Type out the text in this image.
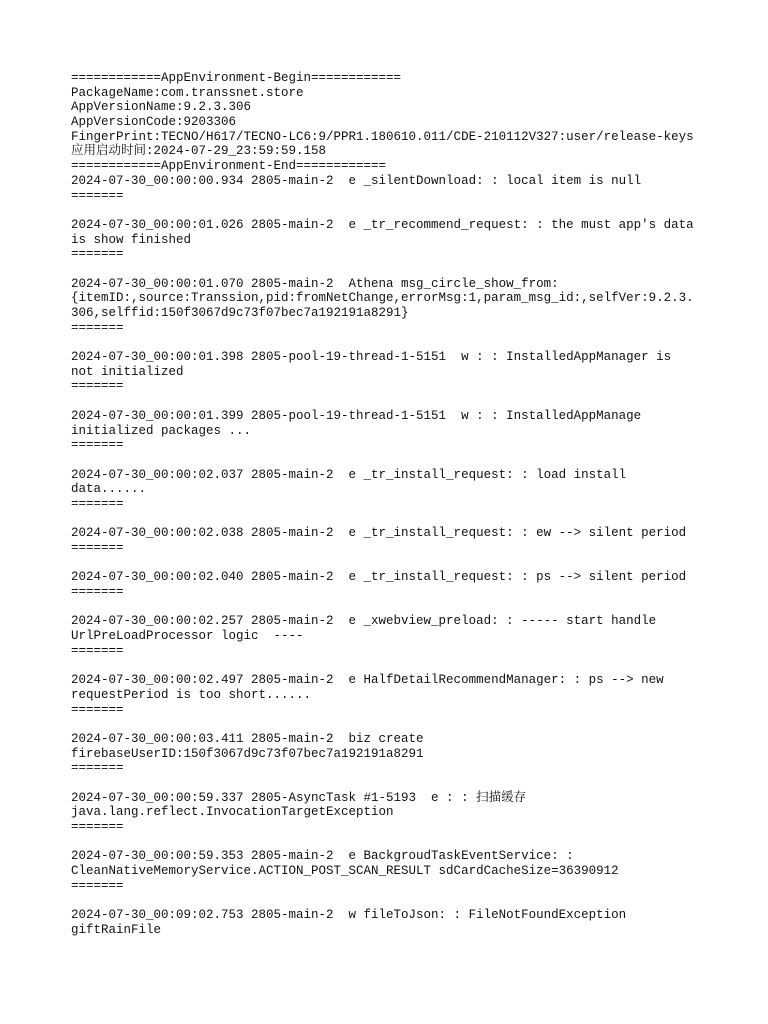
============AppEnvironment-Begin============
PackageName:com.transsnet.store
AppVersionName:9.2.3.306
AppVersionCode:9203306
FingerPrint:TECNO/H617/TECNO-LC6:9/PPR1.180610.011/CDE-210112V327:user/release-keys
应用启动时间:2024-07-29_23:59:59.158
============AppEnvironment-End============
2024-07-30_00:00:00.934 2805-main-2  e _silentDownload: : local item is null
=======
2024-07-30_00:00:01.026 2805-main-2  e _tr_recommend_request: : the must app's data
is show finished
=======
2024-07-30_00:00:01.070 2805-main-2  Athena msg_circle_show_from:
{itemID:,source:Transsion,pid:fromNetChange,errorMsg:1,param_msg_id:,selfVer:9.2.3.
306,selffid:150f3067d9c73f07bec7a192191a8291}
=======
2024-07-30_00:00:01.398 2805-pool-19-thread-1-5151  w : : InstalledAppManager is
not initialized
=======
2024-07-30_00:00:01.399 2805-pool-19-thread-1-5151  w : : InstalledAppManage
initialized packages ...
=======
2024-07-30_00:00:02.037 2805-main-2  e _tr_install_request: : load install
data......
=======
2024-07-30_00:00:02.038 2805-main-2  e _tr_install_request: : ew --> silent period
=======
2024-07-30_00:00:02.040 2805-main-2  e _tr_install_request: : ps --> silent period
=======
2024-07-30_00:00:02.257 2805-main-2  e _xwebview_preload: : ----- start handle
UrlPreLoadProcessor logic  ----
=======
2024-07-30_00:00:02.497 2805-main-2  e HalfDetailRecommendManager: : ps --> new
requestPeriod is too short......
=======
2024-07-30_00:00:03.411 2805-main-2  biz create
firebaseUserID:150f3067d9c73f07bec7a192191a8291
=======
2024-07-30_00:00:59.337 2805-AsyncTask #1-5193  e : : 扫描缓存
java.lang.reflect.InvocationTargetException
=======
2024-07-30_00:00:59.353 2805-main-2  e BackgroudTaskEventService: :
CleanNativeMemoryService.ACTION_POST_SCAN_RESULT sdCardCacheSize=36390912
=======
2024-07-30_00:09:02.753 2805-main-2  w fileToJson: : FileNotFoundException
giftRainFile
